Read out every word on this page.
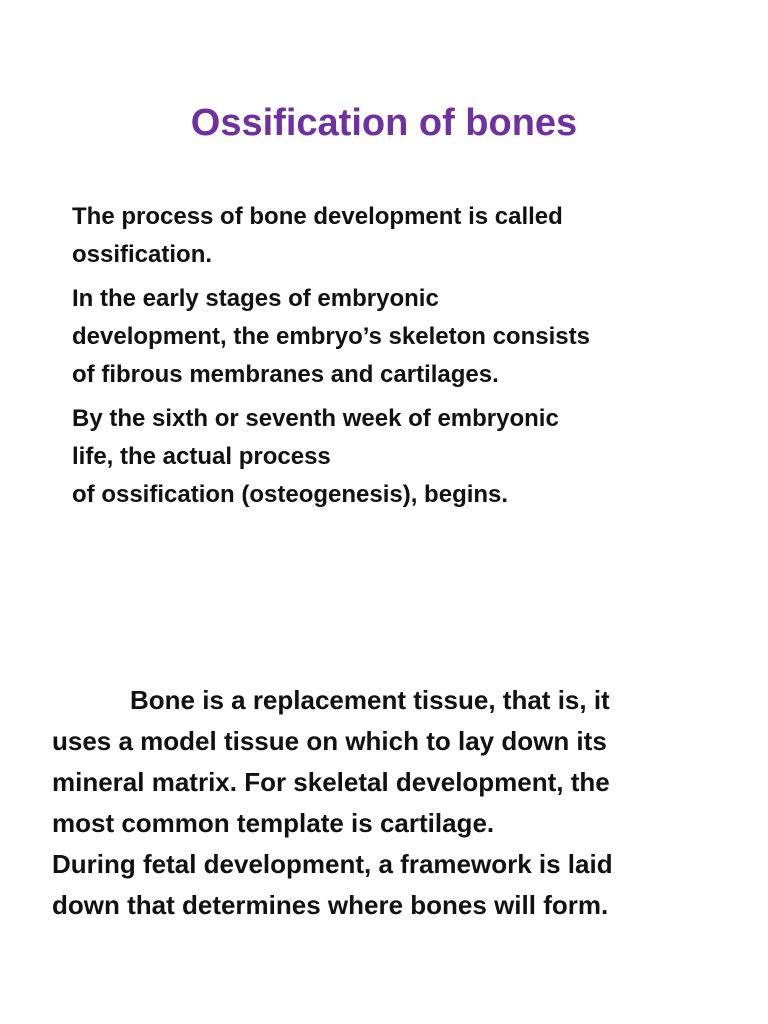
Ossification of bones

The process of bone development is called
ossification.

In the early stages of embryonic
development, the embryo’s skeleton consists
of fibrous membranes and cartilages.

By the sixth or seventh week of embryonic
life, the actual process
of ossification (osteogenesis), begins.

Bone is a replacement tissue, that is, it
uses a model tissue on which to lay down its
mineral matrix. For skeletal development, the
most common template is cartilage.
During fetal development, a framework is laid
down that determines where bones will form.
